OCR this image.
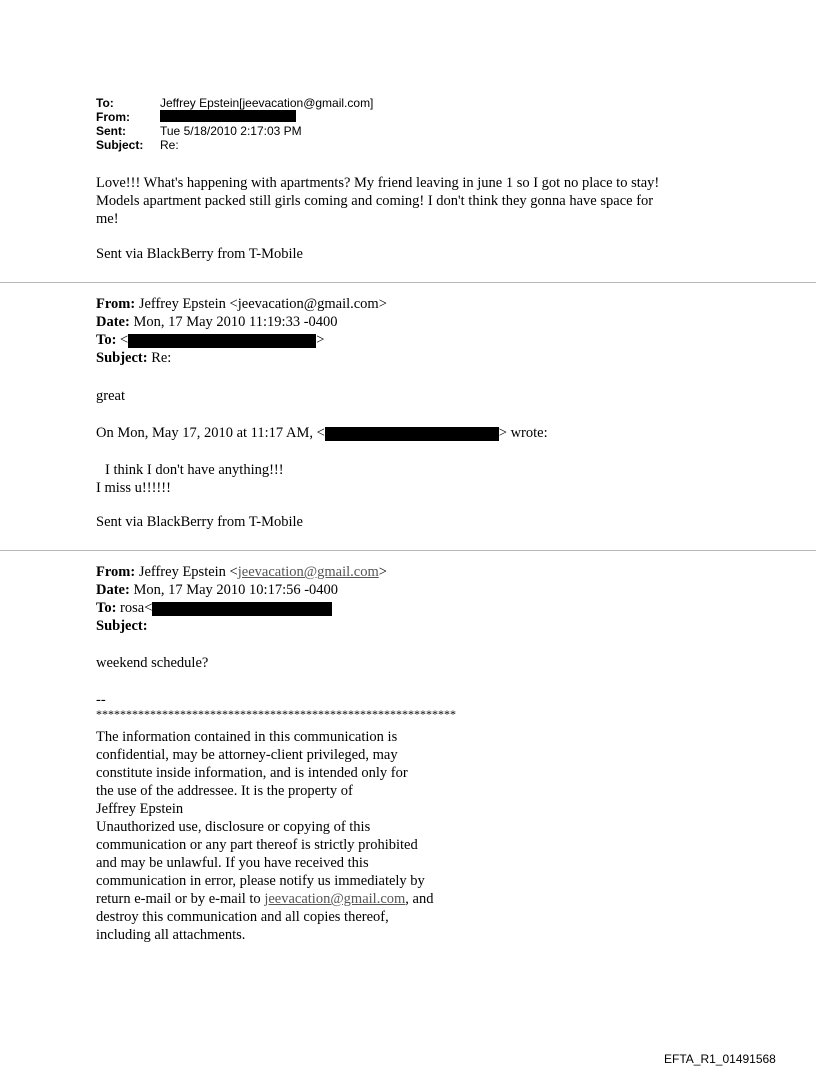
To:	Jeffrey Epstein[jeevacation@gmail.com]
From:
Sent:	Tue 5/18/2010 2:17:03 PM
Subject:	Re:

Love!!! What's happening with apartments? My friend leaving in june 1 so I got no place to stay!

Models apartment packed still girls coming and coming! I don't think they gonna have space for

me!

Sent via BlackBerry from T-Mobile

From: Jeffrey Epstein <jeevacation@gmail.com>

Date: Mon, 17 May 2010 11:19:33 -0400

To: <	>

Subject: Re:

great
On Mon, May 17, 2010 at 11:17 AM, <	> wrote:

I think I don't have anything!!!

I miss u!!!!!!

Sent via BlackBerry from T-Mobile

From: Jeffrey Epstein <jeevacation@gmail.com>

Date: Mon, 17 May 2010 10:17:56 -0400

To: rosa<

Subject:

weekend schedule?
--
************************************************************

The information contained in this communication is

confidential, may be attorney-client privileged, may

constitute inside information, and is intended only for

the use of the addressee. It is the property of

Jeffrey Epstein

Unauthorized use, disclosure or copying of this

communication or any part thereof is strictly prohibited

and may be unlawful. If you have received this

communication in error, please notify us immediately by

return e-mail or by e-mail to jeevacation@gmail.com, and

destroy this communication and all copies thereof,

including all attachments.

EFTA_R1_01491568
